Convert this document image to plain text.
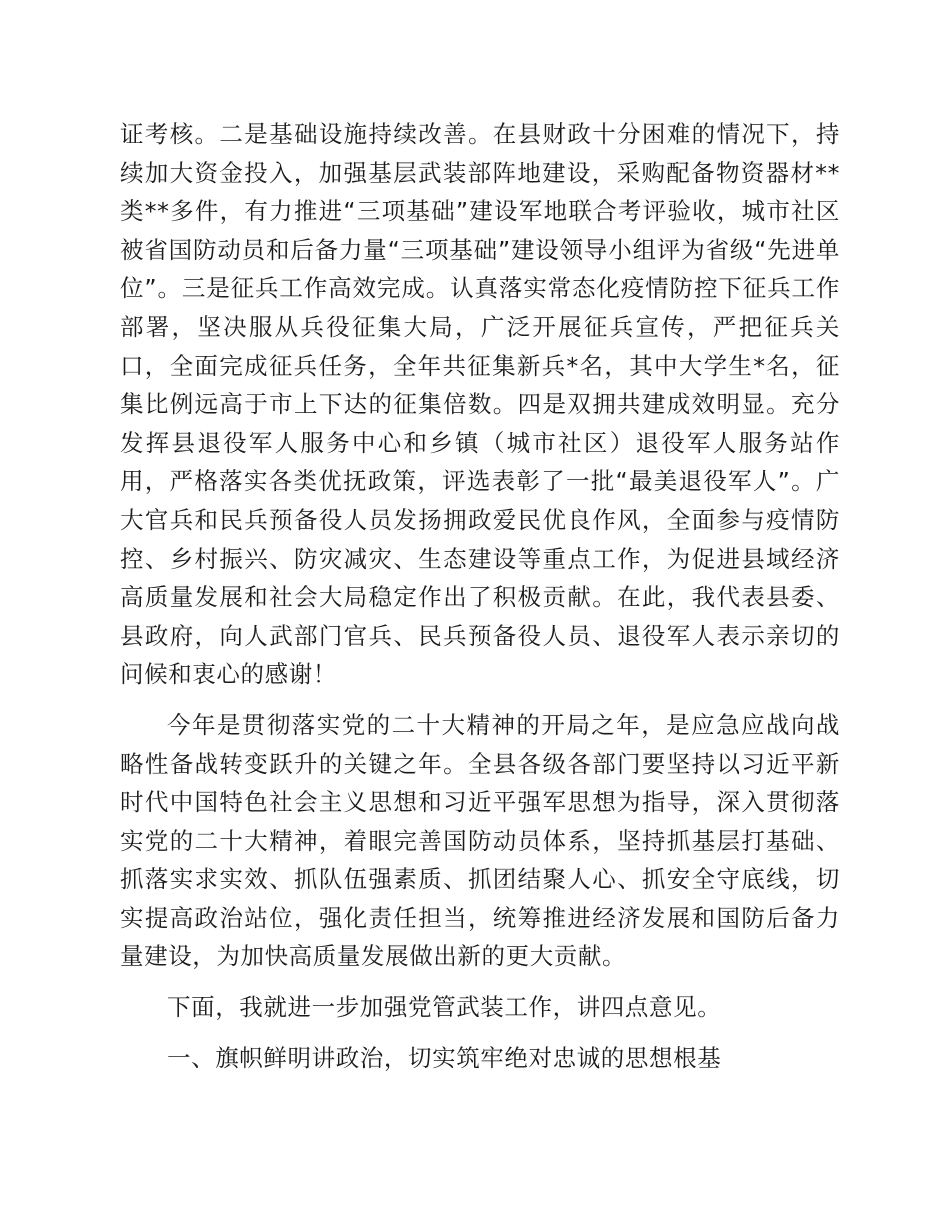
证考核。二是基础设施持续改善。在县财政十分困难的情况下，持续加大资金投入，加强基层武装部阵地建设，采购配备物资器材**类**多件，有力推进“三项基础”建设军地联合考评验收，城市社区被省国防动员和后备力量“三项基础”建设领导小组评为省级“先进单位”。三是征兵工作高效完成。认真落实常态化疫情防控下征兵工作部署，坚决服从兵役征集大局，广泛开展征兵宣传，严把征兵关口，全面完成征兵任务，全年共征集新兵*名，其中大学生*名，征集比例远高于市上下达的征集倍数。四是双拥共建成效明显。充分发挥县退役军人服务中心和乡镇（城市社区）退役军人服务站作用，严格落实各类优抚政策，评选表彰了一批“最美退役军人”。广大官兵和民兵预备役人员发扬拥政爱民优良作风，全面参与疫情防控、乡村振兴、防灾减灾、生态建设等重点工作，为促进县域经济高质量发展和社会大局稳定作出了积极贡献。在此，我代表县委、县政府，向人武部门官兵、民兵预备役人员、退役军人表示亲切的问候和衷心的感谢！

今年是贯彻落实党的二十大精神的开局之年，是应急应战向战略性备战转变跃升的关键之年。全县各级各部门要坚持以习近平新时代中国特色社会主义思想和习近平强军思想为指导，深入贯彻落实党的二十大精神，着眼完善国防动员体系，坚持抓基层打基础、抓落实求实效、抓队伍强素质、抓团结聚人心、抓安全守底线，切实提高政治站位，强化责任担当，统筹推进经济发展和国防后备力量建设，为加快高质量发展做出新的更大贡献。

下面，我就进一步加强党管武装工作，讲四点意见。

一、旗帜鲜明讲政治，切实筑牢绝对忠诚的思想根基
